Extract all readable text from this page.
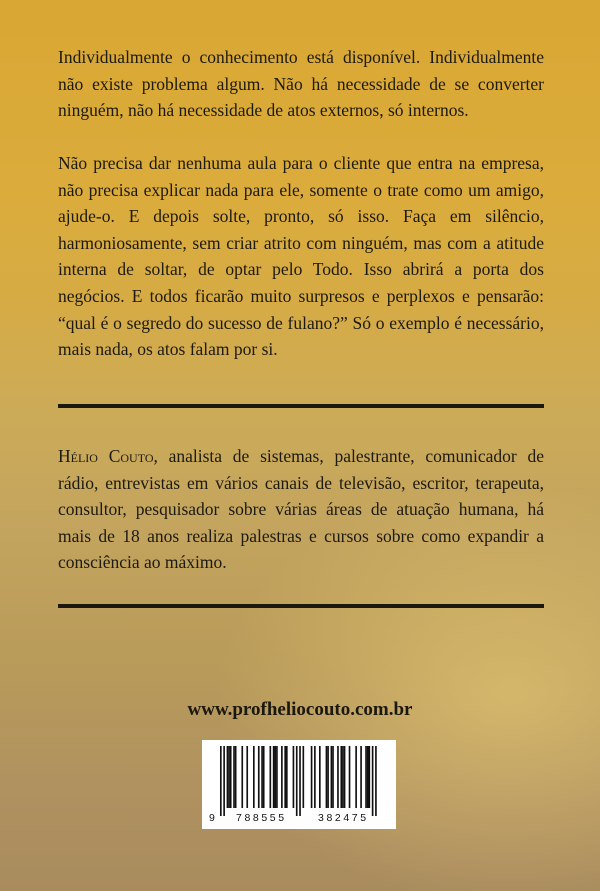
Individualmente o conhecimento está disponível. Individualmente não existe problema algum. Não há necessidade de se converter ninguém, não há necessidade de atos externos, só internos.

Não precisa dar nenhuma aula para o cliente que entra na empresa, não precisa explicar nada para ele, somente o trate como um amigo, ajude-o. E depois solte, pronto, só isso. Faça em silêncio, harmoniosamente, sem criar atrito com ninguém, mas com a atitude interna de soltar, de optar pelo Todo. Isso abrirá a porta dos negócios. E todos ficarão muito surpresos e perplexos e pensarão: “qual é o segredo do sucesso de fulano?” Só o exemplo é necessário, mais nada, os atos falam por si.

Hélio Couto, analista de sistemas, palestrante, comunicador de rádio, entrevistas em vários canais de televisão, escritor, terapeuta, consultor, pesquisador sobre várias áreas de atuação humana, há mais de 18 anos realiza palestras e cursos sobre como expandir a consciência ao máximo.

www.profheliocouto.com.br
9 788555	382475
